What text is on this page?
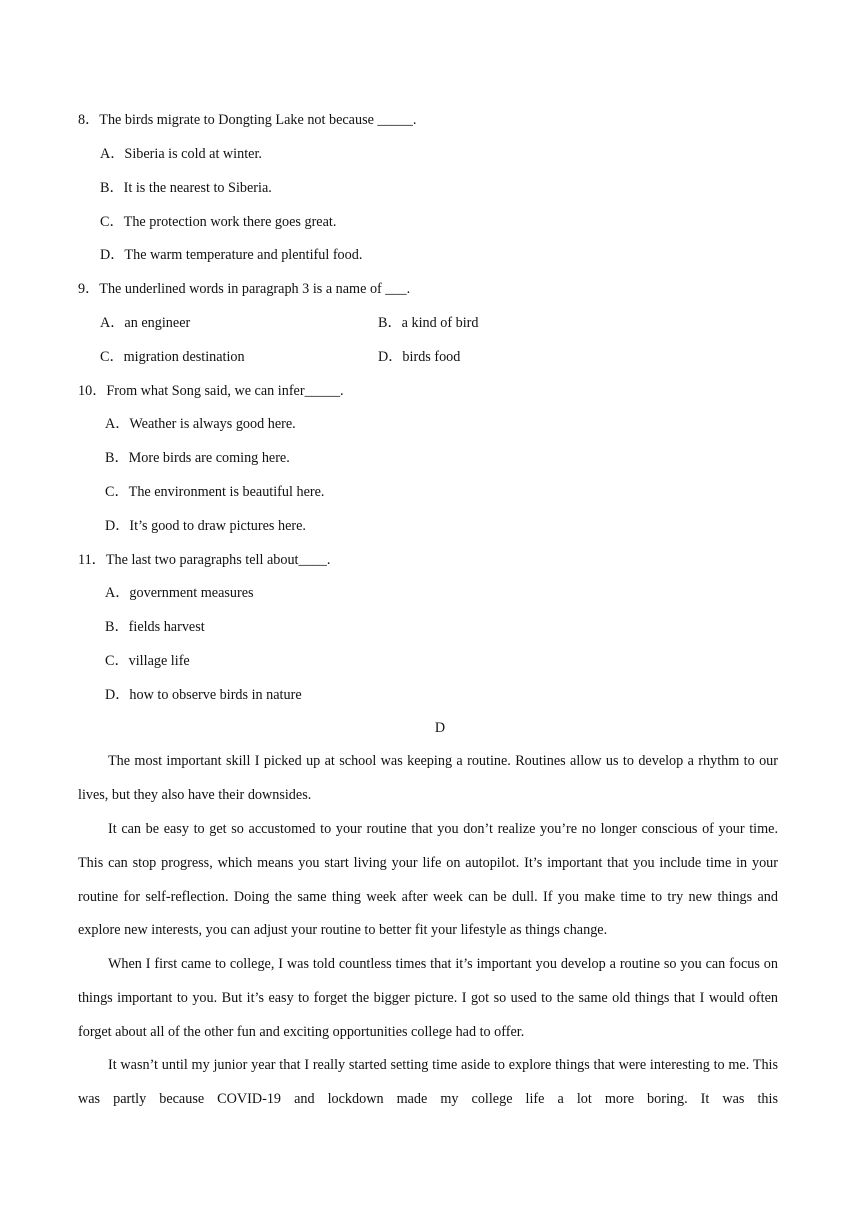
8．The birds migrate to Dongting Lake not because _____.
A．Siberia is cold at winter.
B．It is the nearest to Siberia.
C．The protection work there goes great.
D．The warm temperature and plentiful food.
9．The underlined words in paragraph 3 is a name of ___.
A．an engineer	B．a kind of bird
C．migration destination	D．birds food
10．From what Song said, we can infer_____.
A．Weather is always good here.
B．More birds are coming here.
C．The environment is beautiful here.
D．It’s good to draw pictures here.
11．The last two paragraphs tell about____.
A．government measures
B．fields harvest
C．village life
D．how to observe birds in nature
D
The most important skill I picked up at school was keeping a routine. Routines allow us to develop a rhythm to our lives, but they also have their downsides.
It can be easy to get so accustomed to your routine that you don’t realize you’re no longer conscious of your time. This can stop progress, which means you start living your life on autopilot. It’s important that you include time in your routine for self-reflection. Doing the same thing week after week can be dull. If you make time to try new things and explore new interests, you can adjust your routine to better fit your lifestyle as things change.
When I first came to college, I was told countless times that it’s important you develop a routine so you can focus on things important to you. But it’s easy to forget the bigger picture. I got so used to the same old things that I would often forget about all of the other fun and exciting opportunities college had to offer.
It wasn’t until my junior year that I really started setting time aside to explore things that were interesting to me. This was partly because COVID-19 and lockdown made my college life a lot more boring. It was this
